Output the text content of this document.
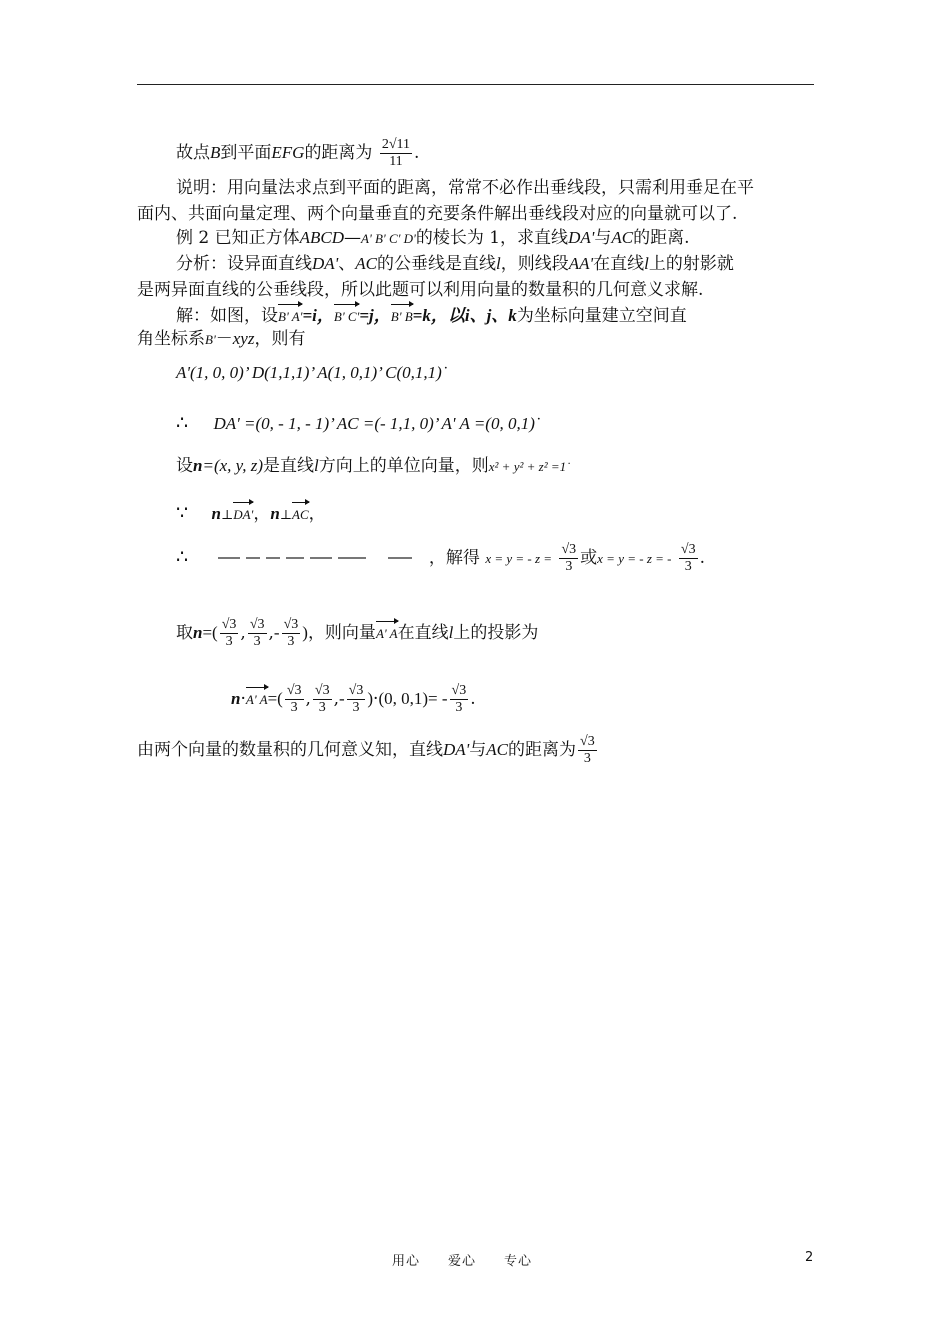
故点B到平面EFG的距离为 $\frac{2√11}{11}$ .
说明：用向量法求点到平面的距离，常常不必作出垂线段，只需利用垂足在平
面内、共面向量定理、两个向量垂直的充要条件解出垂线段对应的向量就可以了.
例 2 已知正方体ABCD—A' B' C' D'的棱长为 1，求直线DA'与AC的距离.
分析：设异面直线DA'、AC的公垂线是直线l，则线段AA'在直线l上的射影就
是两异面直线的公垂线段，所以此题可以利用向量的数量积的几何意义求解.
解：如图，设B' A'=i，B' C'=j，B' B=k，以i、j、k为坐标向量建立空间直
角坐标系B'－xyz，则有
A'(1, 0, 0)’ D(1,1,1)’ A(1, 0,1)’ C(0,1,1)˙
∴ DA' =(0, - 1, - 1)’ AC =(- 1,1, 0)’ A' A =(0, 0,1)˙
设n=(x, y, z)是直线l方向上的单位向量，则x² + y² + z² =1˙
∵ n⊥DA'，n⊥AC，
∴	，解得 x = y = - $z = \frac{√3}{3}$ 或x = y = - z = - $\frac{√3}{3}$ .
取$n=( \frac{√3}{3}$ , $\frac{√3}{3}$ ,- $\frac{√3}{3}$ )，则向量A' A在直线l上的投影为
n·A' $A=( \frac{√3}{3}$ , $\frac{√3}{3}$ ,- $\frac{√3}{3} )\cdot(0$, $0,1)= - \frac{√3}{3}$ .
由两个向量的数量积的几何意义知，直线DA'与AC的距离为 $\frac{√3}{3}$
用心 爱心 专心	2
